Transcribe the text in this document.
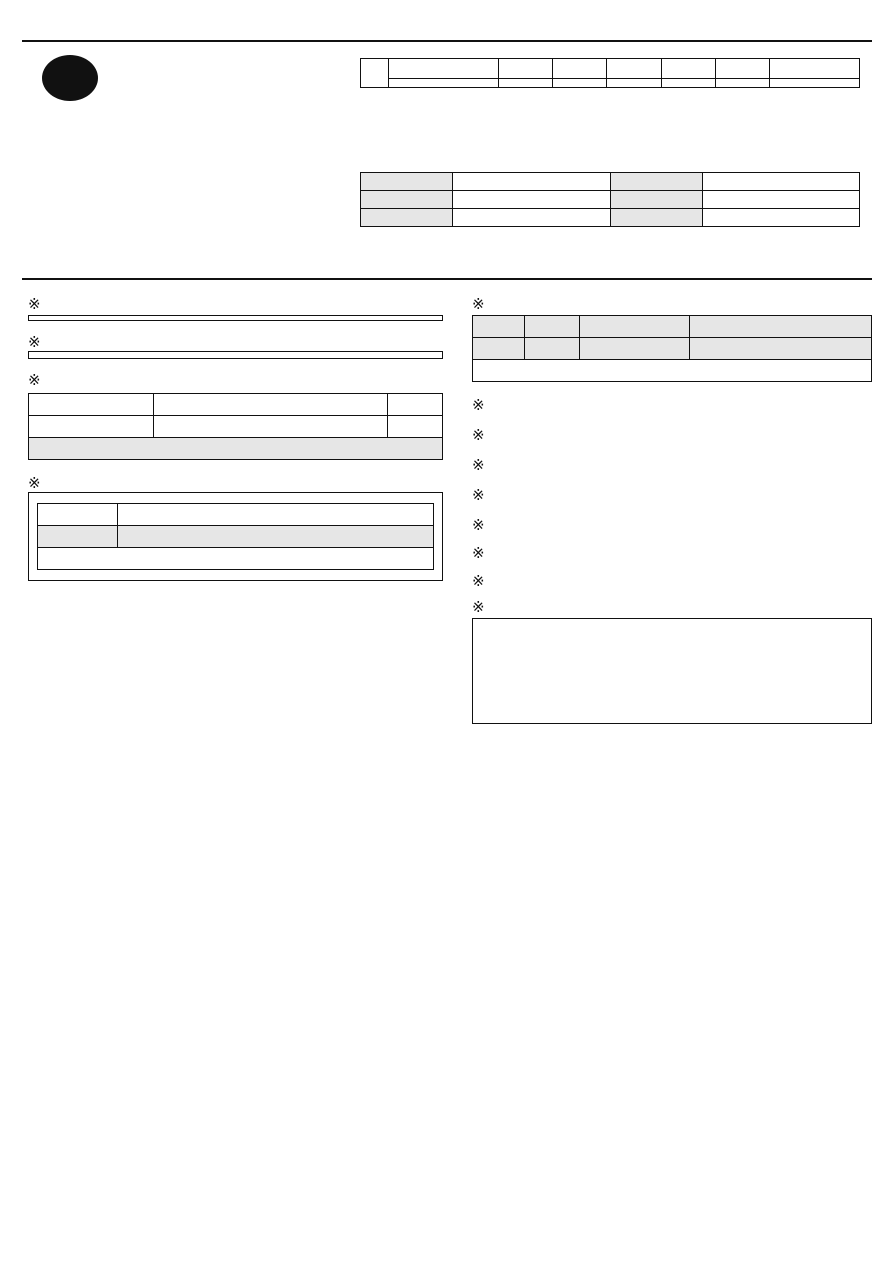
※
※
※

※

※

※
※
※
※
※
※
※
※
